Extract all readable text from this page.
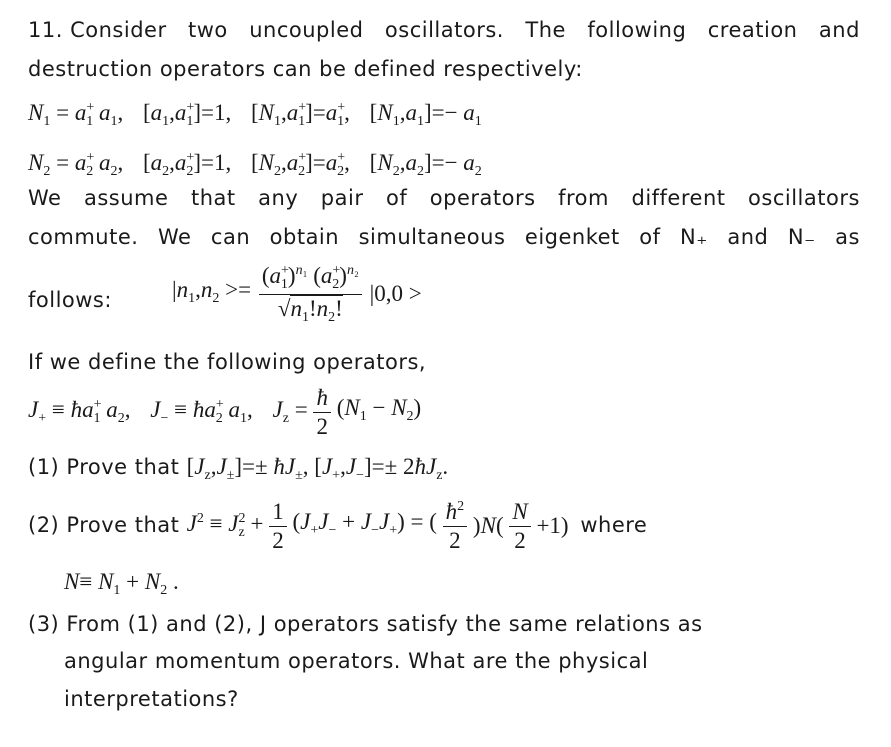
11. Consider two uncoupled oscillators. The following creation and
destruction operators can be defined respectively:
$N_1 = a^+_1$ $a_1$, $[a_1,a^+_1]=1$, $[N_1,a^+_1]=a^+_1$, $[N_1,a_1]=- a_1$
$N_2 = a^+_2$ $a_2$, $[a_2,a^+_2]=1$, $[N_2,a^+_2]=a^+_2$, $[N_2,a_2]=- a_2$
We assume that any pair of operators from different oscillators
commute. We can obtain simultaneous eigenket of N₊ and N₋ as
follows:	$|n_1,n_2 >= \frac{(a^+_1)^{n_1} (a^+_2)^{n_2}}{√n_1!n_2!} |0,0$ >
If we define the following operators,
$J_+$ ≡ $ħa^+_1$ $a_2$, $J_-$ ≡ $ħa^+_2$ $a_1$, $J_z = \frac{ħ}{2} (N_1 - N_2)$
(1) Prove that $[J_z,J_\pm]=\pm$ $ħJ_\pm$, $[J_+,J_-]=\pm$ $2ħJ_z$.
(2) Prove that $J^2 \equiv J^2_z + \frac{1}{2} (J_+J_- + J_-J_+)$ = ( $\frac{ħ^2}{2} )N( \frac{N}{2} +1)$ where
$N\equiv N_1 + N_2$ .
(3) From (1) and (2), J operators satisfy the same relations as
angular momentum operators. What are the physical
interpretations?
